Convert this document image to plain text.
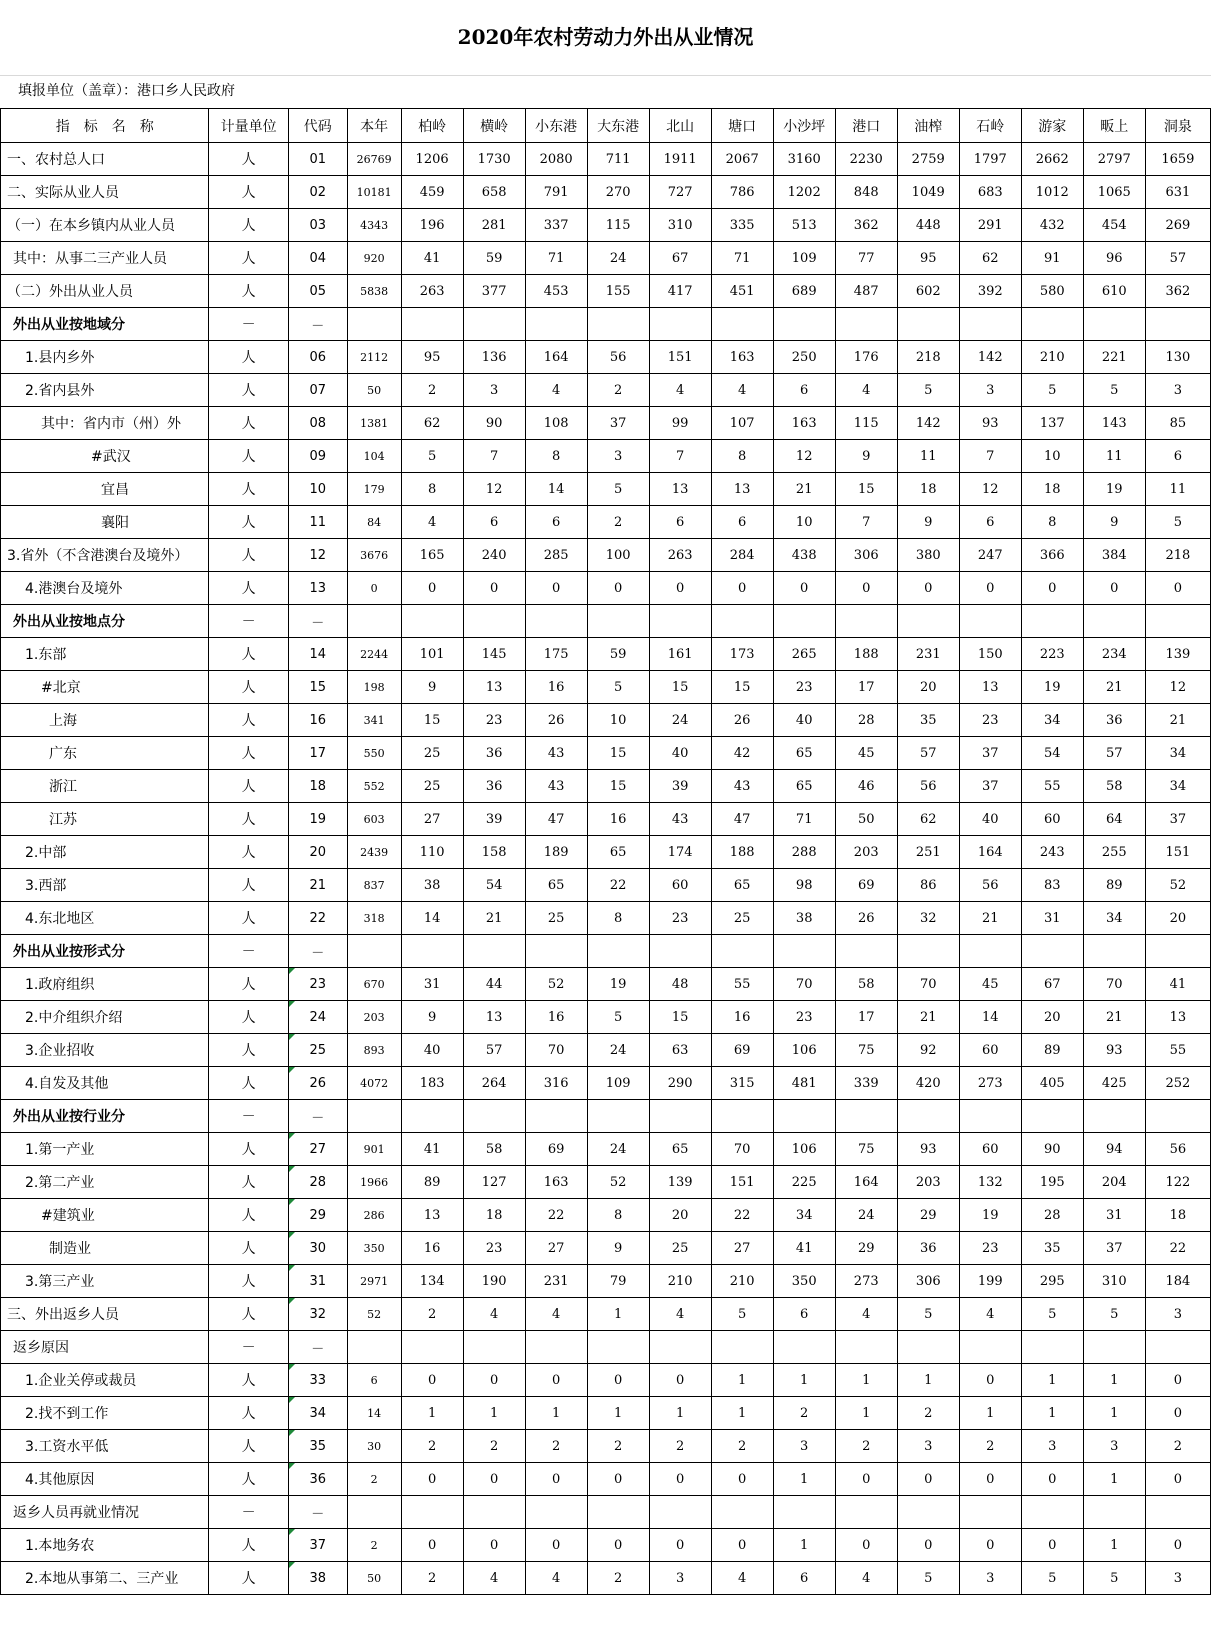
2020年农村劳动力外出从业情况
填报单位（盖章）：港口乡人民政府
指　标　名　称	计量单位	代码	本年	柏岭	横岭	小东港	大东港	北山	塘口	小沙坪	港口	油榨	石岭	游家	畈上	洞泉
一、农村总人口	人	01	26769	1206	1730	2080	711	1911	2067	3160	2230	2759	1797	2662	2797	1659
二、实际从业人员	人	02	10181	459	658	791	270	727	786	1202	848	1049	683	1012	1065	631
（一）在本乡镇内从业人员	人	03	4343	196	281	337	115	310	335	513	362	448	291	432	454	269
其中：从事二三产业人员	人	04	920	41	59	71	24	67	71	109	77	95	62	91	96	57
（二）外出从业人员	人	05	5838	263	377	453	155	417	451	689	487	602	392	580	610	362
外出从业按地域分	－	－														
1.县内乡外	人	06	2112	95	136	164	56	151	163	250	176	218	142	210	221	130
2.省内县外	人	07	50	2	3	4	2	4	4	6	4	5	3	5	5	3
其中：省内市（州）外	人	08	1381	62	90	108	37	99	107	163	115	142	93	137	143	85
#武汉	人	09	104	5	7	8	3	7	8	12	9	11	7	10	11	6
宜昌	人	10	179	8	12	14	5	13	13	21	15	18	12	18	19	11
襄阳	人	11	84	4	6	6	2	6	6	10	7	9	6	8	9	5
3.省外（不含港澳台及境外）	人	12	3676	165	240	285	100	263	284	438	306	380	247	366	384	218
4.港澳台及境外	人	13	0	0	0	0	0	0	0	0	0	0	0	0	0	0
外出从业按地点分	－	－														
1.东部	人	14	2244	101	145	175	59	161	173	265	188	231	150	223	234	139
#北京	人	15	198	9	13	16	5	15	15	23	17	20	13	19	21	12
上海	人	16	341	15	23	26	10	24	26	40	28	35	23	34	36	21
广东	人	17	550	25	36	43	15	40	42	65	45	57	37	54	57	34
浙江	人	18	552	25	36	43	15	39	43	65	46	56	37	55	58	34
江苏	人	19	603	27	39	47	16	43	47	71	50	62	40	60	64	37
2.中部	人	20	2439	110	158	189	65	174	188	288	203	251	164	243	255	151
3.西部	人	21	837	38	54	65	22	60	65	98	69	86	56	83	89	52
4.东北地区	人	22	318	14	21	25	8	23	25	38	26	32	21	31	34	20
外出从业按形式分	－	－														
1.政府组织	人	23	670	31	44	52	19	48	55	70	58	70	45	67	70	41
2.中介组织介绍	人	24	203	9	13	16	5	15	16	23	17	21	14	20	21	13
3.企业招收	人	25	893	40	57	70	24	63	69	106	75	92	60	89	93	55
4.自发及其他	人	26	4072	183	264	316	109	290	315	481	339	420	273	405	425	252
外出从业按行业分	－	－														
1.第一产业	人	27	901	41	58	69	24	65	70	106	75	93	60	90	94	56
2.第二产业	人	28	1966	89	127	163	52	139	151	225	164	203	132	195	204	122
#建筑业	人	29	286	13	18	22	8	20	22	34	24	29	19	28	31	18
制造业	人	30	350	16	23	27	9	25	27	41	29	36	23	35	37	22
3.第三产业	人	31	2971	134	190	231	79	210	210	350	273	306	199	295	310	184
三、外出返乡人员	人	32	52	2	4	4	1	4	5	6	4	5	4	5	5	3
返乡原因	－	－														
1.企业关停或裁员	人	33	6	0	0	0	0	0	1	1	1	1	0	1	1	0
2.找不到工作	人	34	14	1	1	1	1	1	1	2	1	2	1	1	1	0
3.工资水平低	人	35	30	2	2	2	2	2	2	3	2	3	2	3	3	2
4.其他原因	人	36	2	0	0	0	0	0	0	1	0	0	0	0	1	0
返乡人员再就业情况	－	－														
1.本地务农	人	37	2	0	0	0	0	0	0	1	0	0	0	0	1	0
2.本地从事第二、三产业	人	38	50	2	4	4	2	3	4	6	4	5	3	5	5	3
